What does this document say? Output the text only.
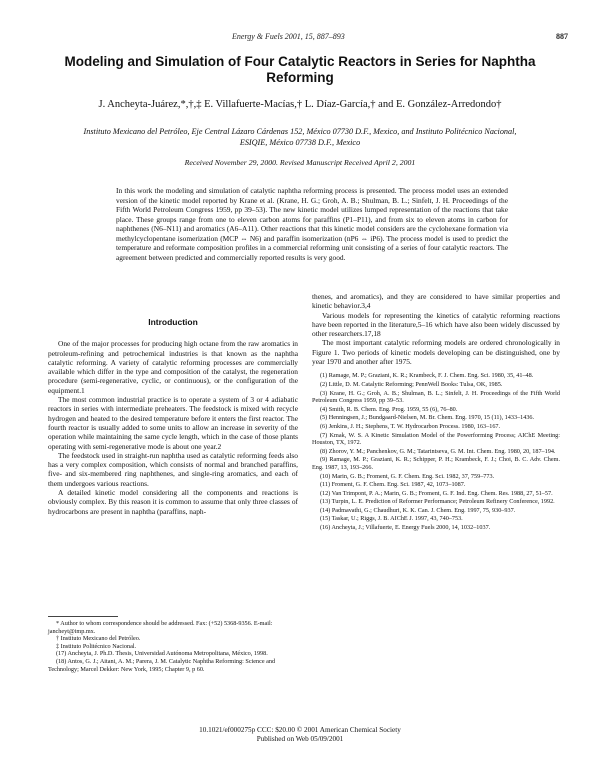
Energy & Fuels 2001, 15, 887–893	887
Modeling and Simulation of Four Catalytic Reactors in Series for Naphtha Reforming
J. Ancheyta-Juárez,*,†,‡ E. Villafuerte-Macías,† L. Díaz-García,† and E. González-Arredondo†
Instituto Mexicano del Petróleo, Eje Central Lázaro Cárdenas 152, México 07730 D.F., Mexico, and Instituto Politécnico Nacional, ESIQIE, México 07738 D.F., Mexico
Received November 29, 2000. Revised Manuscript Received April 2, 2001
In this work the modeling and simulation of catalytic naphtha reforming process is presented. The process model uses an extended version of the kinetic model reported by Krane et al. (Krane, H. G.; Groh, A. B.; Shulman, B. L.; Sinfelt, J. H. Proceedings of the Fifth World Petroleum Congress 1959, pp 39–53). The new kinetic model utilizes lumped representation of the reactions that take place. These groups range from one to eleven carbon atoms for paraffins (P1–P11), and from six to eleven atoms in carbon for naphthenes (N6–N11) and aromatics (A6–A11). Other reactions that this kinetic model considers are the cyclohexane formation via methylcyclopentane isomerization (MCP ⇔ N6) and paraffin isomerization (nP6 ⇔ iP6). The process model is used to predict the temperature and reformate composition profiles in a commercial reforming unit consisting of a series of four catalytic reactors. The agreement between predicted and commercially reported results is very good.
Introduction

One of the major processes for producing high octane from the raw aromatics in petroleum-refining and petrochemical industries is that known as the naphtha catalytic reforming. A variety of catalytic reforming processes are commercially available which differ in the type and composition of the catalyst, the regeneration procedure (semi-regenerative, cyclic, or continuous), or the configuration of the equipment.1

The most common industrial practice is to operate a system of 3 or 4 adiabatic reactors in series with intermediate preheaters. The feedstock is mixed with recycle hydrogen and heated to the desired temperature before it enters the first reactor. The fourth reactor is usually added to some units to allow an increase in severity of the operation while maintaining the same cycle length, which in the case of those plants operating with semi-regenerative mode is about one year.2

The feedstock used in straight-run naphtha used as catalytic reforming feeds also has a very complex composition, which consists of normal and branched paraffins, five- and six-membered ring naphthenes, and single-ring aromatics, and each of them undergoes various reactions.

A detailed kinetic model considering all the components and reactions is obviously complex. By this reason it is common to assume that only three classes of hydrocarbons are present in naphtha (paraffins, naph-

thenes, and aromatics), and they are considered to have similar properties and kinetic behavior.3,4

Various models for representing the kinetics of catalytic reforming reactions have been reported in the literature,5–16 which have also been widely discussed by other researchers.17,18

The most important catalytic reforming models are ordered chronologically in Figure 1. Two periods of kinetic models developing can be distinguished, one by year 1970 and another after 1975.

(1) Ramage, M. P.; Graziani, K. R.; Krambeck, F. J. Chem. Eng. Sci. 1980, 35, 41–48.
(2) Little, D. M. Catalytic Reforming; PennWell Books: Tulsa, OK, 1985.
(3) Krane, H. G.; Groh, A. B.; Shulman, B. L.; Sinfelt, J. H. Proceedings of the Fifth World Petroleum Congress 1959, pp 39–53.
(4) Smith, R. B. Chem. Eng. Prog. 1959, 55 (6), 76–80.
(5) Henningsen, J.; Bundgaard-Nielsen, M. Br. Chem. Eng. 1970, 15 (11), 1433–1436.
(6) Jenkins, J. H.; Stephens, T. W. Hydrocarbon Process. 1980, 163–167.
(7) Kmak, W. S. A Kinetic Simulation Model of the Powerforming Process; AIChE Meeting: Houston, TX, 1972.
(8) Zhorov, Y. M.; Panchenkov, G. M.; Tatarintseva, G. M. Int. Chem. Eng. 1980, 20, 187–194.
(9) Ramage, M. P.; Graziani, K. R.; Schipper, P. H.; Krambeck, F. J.; Choi, B. C. Adv. Chem. Eng. 1987, 13, 193–266.
(10) Marin, G. B.; Froment, G. F. Chem. Eng. Sci. 1982, 37, 759–773.
(11) Froment, G. F. Chem. Eng. Sci. 1987, 42, 1073–1087.
(12) Van Trimpont, P. A.; Marin, G. B.; Froment, G. F. Ind. Eng. Chem. Res. 1988, 27, 51–57.
(13) Turpin, L. E. Prediction of Reformer Performance; Petroleum Refinery Conference, 1992.
(14) Padmavathi, G.; Chaudhuri, K. K. Can. J. Chem. Eng. 1997, 75, 930–937.
(15) Taskar, U.; Riggs, J. B. AIChE J. 1997, 43, 740–753.
(16) Ancheyta, J.; Villafuerte, E. Energy Fuels 2000, 14, 1032–1037.
* Author to whom correspondence should be addressed. Fax: (+52) 5368-9356. E-mail: jancheyt@imp.mx.
† Instituto Mexicano del Petróleo.
‡ Instituto Politécnico Nacional.
(17) Ancheyta, J. Ph.D. Thesis, Universidad Autónoma Metropolitana, México, 1998.
(18) Antos, G. J.; Aitani, A. M.; Parera, J. M. Catalytic Naphtha Reforming: Science and Technology; Marcel Dekker: New York, 1995; Chapter 9, p 60.
10.1021/ef000275p CCC: $20.00 © 2001 American Chemical Society
Published on Web 05/09/2001
